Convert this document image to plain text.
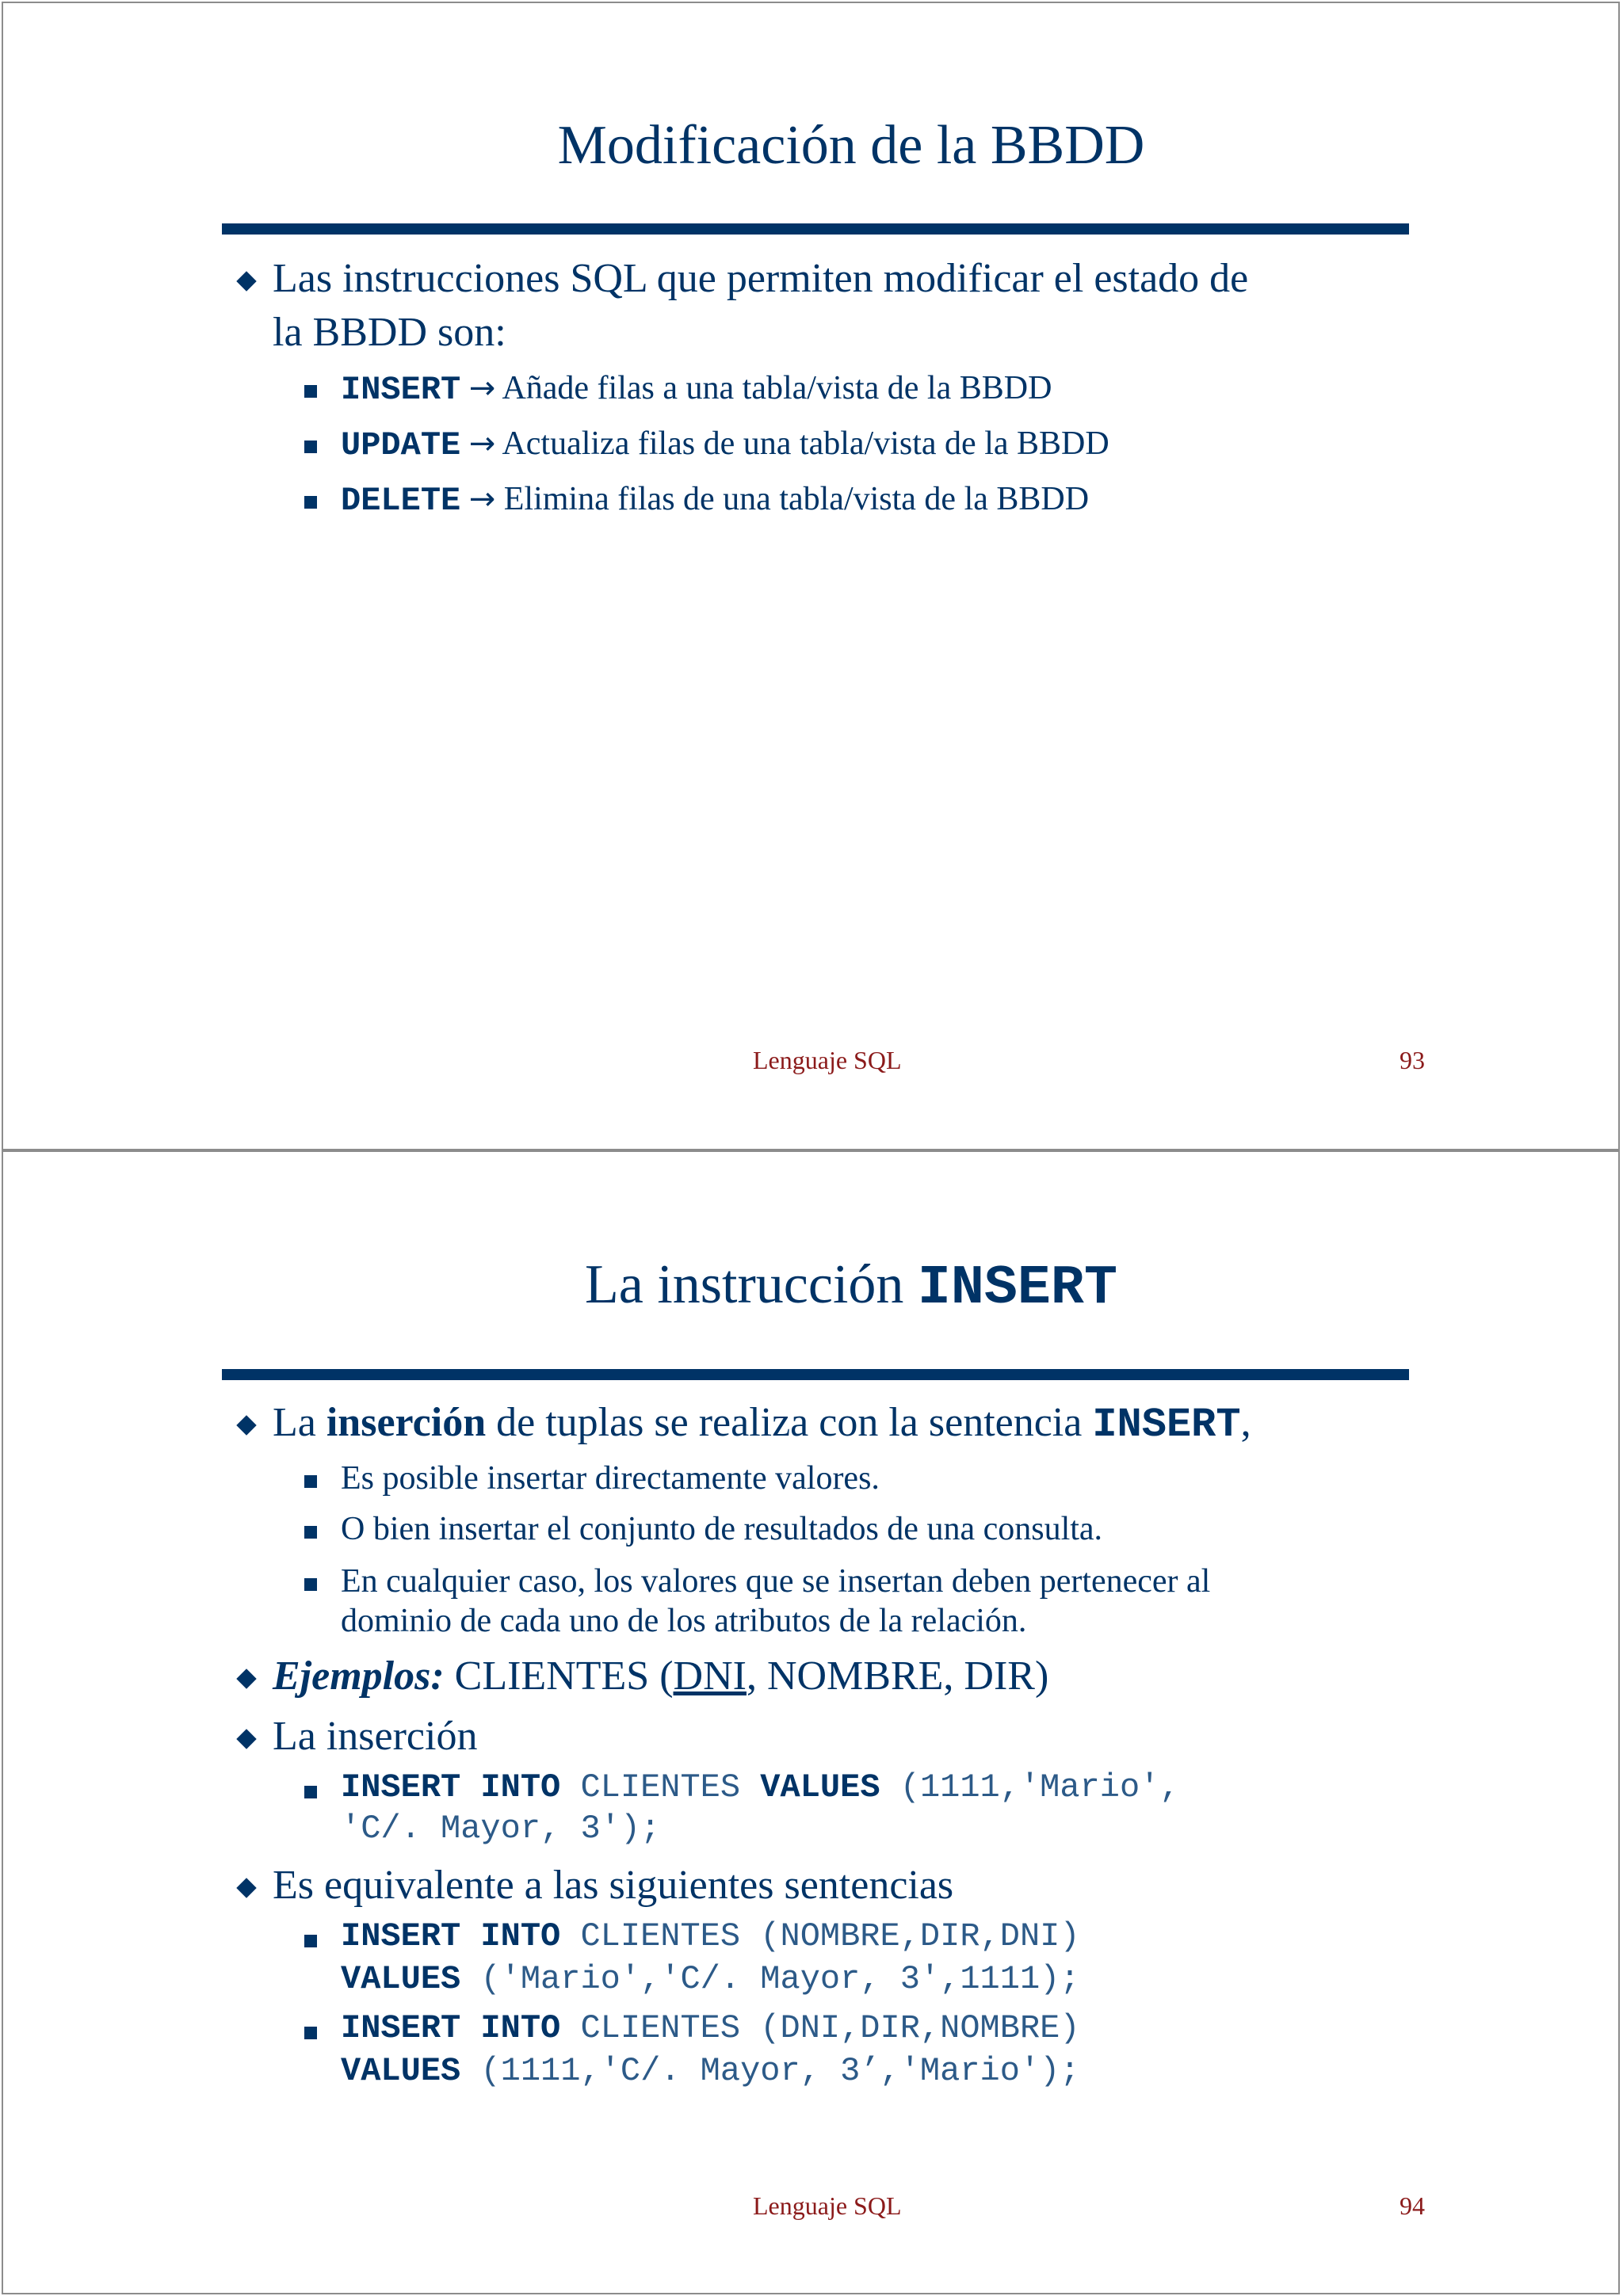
Modificación de la BBDD
Las instrucciones SQL que permiten modificar el estado de
la BBDD son:
INSERT → Añade filas a una tabla/vista de la BBDD
UPDATE → Actualiza filas de una tabla/vista de la BBDD
DELETE → Elimina filas de una tabla/vista de la BBDD
Lenguaje SQL	93
La instrucción INSERT
La inserción de tuplas se realiza con la sentencia INSERT,
Es posible insertar directamente valores.
O bien insertar el conjunto de resultados de una consulta.
En cualquier caso, los valores que se insertan deben pertenecer al
dominio de cada uno de los atributos de la relación.
Ejemplos: CLIENTES (DNI, NOMBRE, DIR)
La inserción
INSERT INTO CLIENTES VALUES (1111,'Mario',
'C/. Mayor, 3');
Es equivalente a las siguientes sentencias
INSERT INTO CLIENTES (NOMBRE,DIR,DNI)
VALUES ('Mario','C/. Mayor, 3',1111);
INSERT INTO CLIENTES (DNI,DIR,NOMBRE)
VALUES (1111,'C/. Mayor, 3’,'Mario');
Lenguaje SQL	94
